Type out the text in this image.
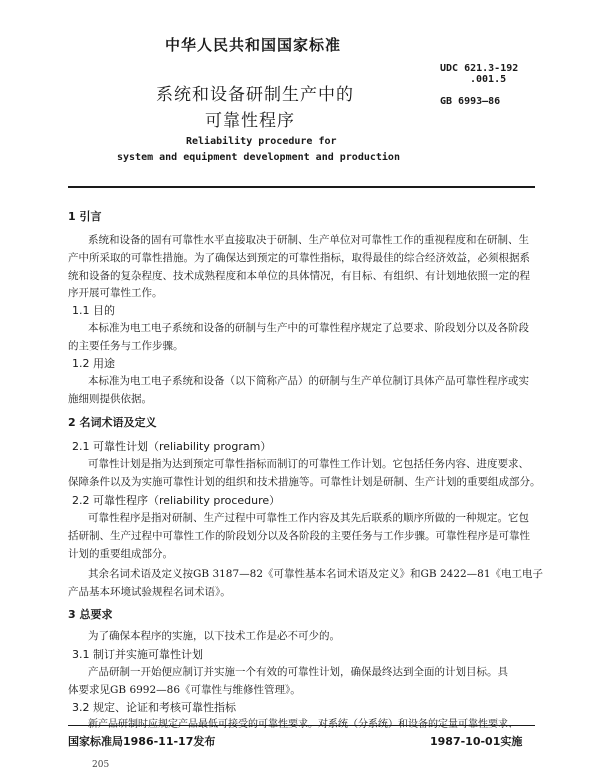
中华人民共和国国家标准
系统和设备研制生产中的
可靠性程序
UDC 621.3-192
.001.5
GB 6993—86
Reliability procedure for
system and equipment development and production
1 引言
系统和设备的固有可靠性水平直接取决于研制、生产单位对可靠性工作的重视程度和在研制、生
产中所采取的可靠性措施。为了确保达到预定的可靠性指标，取得最佳的综合经济效益，必须根据系
统和设备的复杂程度、技术成熟程度和本单位的具体情况，有目标、有组织、有计划地依照一定的程
序开展可靠性工作。
1.1 目的
本标准为电工电子系统和设备的研制与生产中的可靠性程序规定了总要求、阶段划分以及各阶段
的主要任务与工作步骤。
1.2 用途
本标准为电工电子系统和设备（以下简称产品）的研制与生产单位制订具体产品可靠性程序或实
施细则提供依据。
2 名词术语及定义
2.1 可靠性计划（reliability program）
可靠性计划是指为达到预定可靠性指标而制订的可靠性工作计划。它包括任务内容、进度要求、
保障条件以及为实施可靠性计划的组织和技术措施等。可靠性计划是研制、生产计划的重要组成部分。
2.2 可靠性程序（reliability procedure）
可靠性程序是指对研制、生产过程中可靠性工作内容及其先后联系的顺序所做的一种规定。它包
括研制、生产过程中可靠性工作的阶段划分以及各阶段的主要任务与工作步骤。可靠性程序是可靠性
计划的重要组成部分。
其余名词术语及定义按GB 3187—82《可靠性基本名词术语及定义》和GB 2422—81《电工电子
产品基本环境试验规程名词术语》。
3 总要求
为了确保本程序的实施，以下技术工作是必不可少的。
3.1 制订并实施可靠性计划
产品研制一开始便应制订并实施一个有效的可靠性计划，确保最终达到全面的计划目标。具
体要求见GB 6992—86《可靠性与维修性管理》。
3.2 规定、论证和考核可靠性指标
国家标准局1986-11-17发布	1987-10-01实施
205
